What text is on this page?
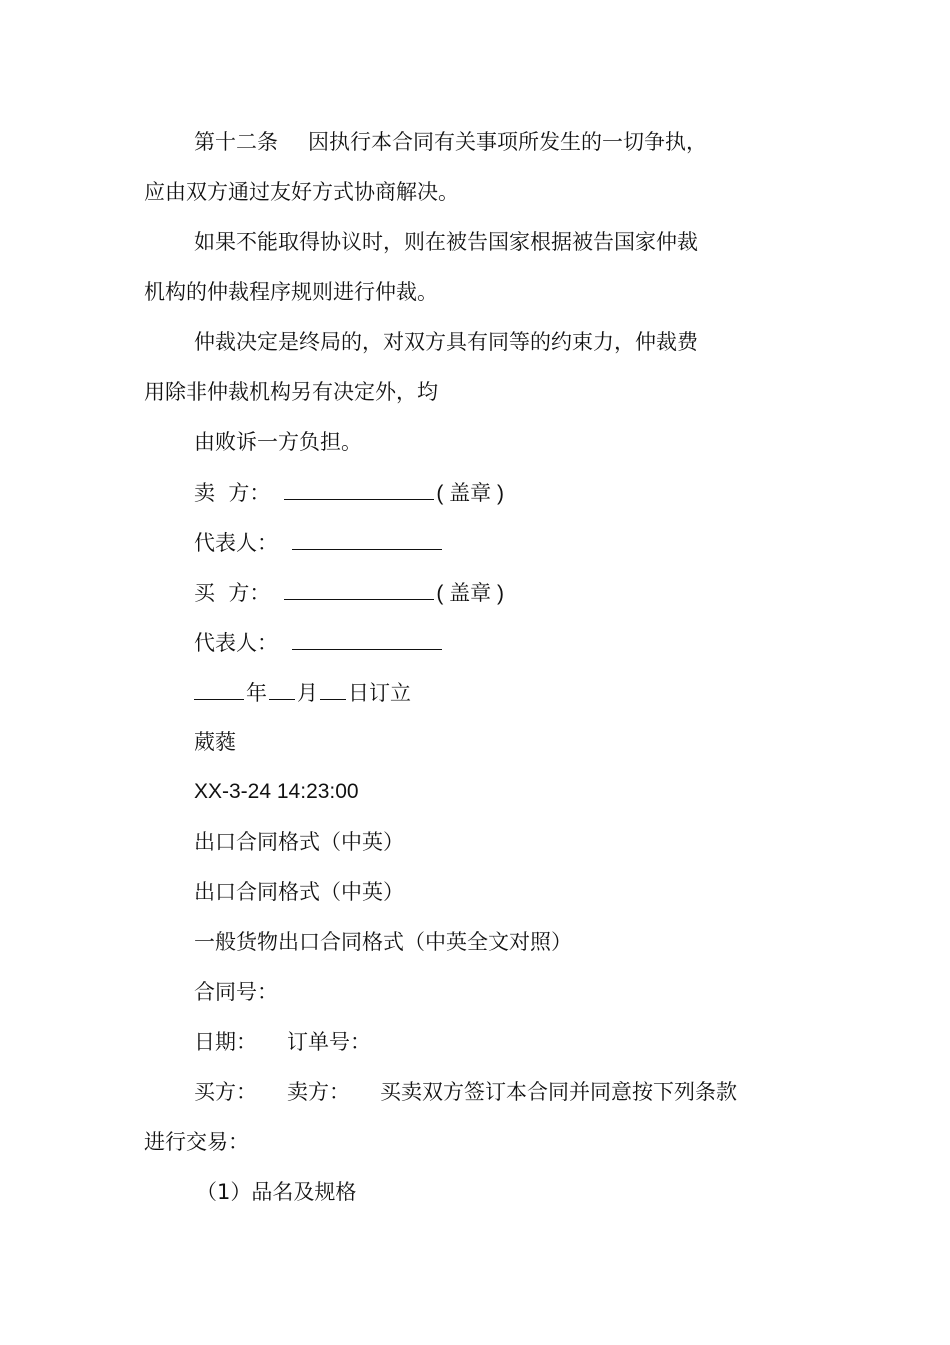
第十二条 因执行本合同有关事项所发生的一切争执，
应由双方通过友好方式协商解决。
如果不能取得协议时，则在被告国家根据被告国家仲裁
机构的仲裁程序规则进行仲裁。
仲裁决定是终局的，对双方具有同等的约束力，仲裁费
用除非仲裁机构另有决定外，均
由败诉一方负担。
卖  方：	( 盖章 )
代表人：
买  方：	( 盖章 )
代表人：
年 月 日订立
葳蕤
XX-3-24 14:23:00
出口合同格式（中英）
出口合同格式（中英）
一般货物出口合同格式（中英全文对照）
合同号：
日期： 订单号：
买方： 卖方： 买卖双方签订本合同并同意按下列条款
进行交易：
（1）品名及规格
